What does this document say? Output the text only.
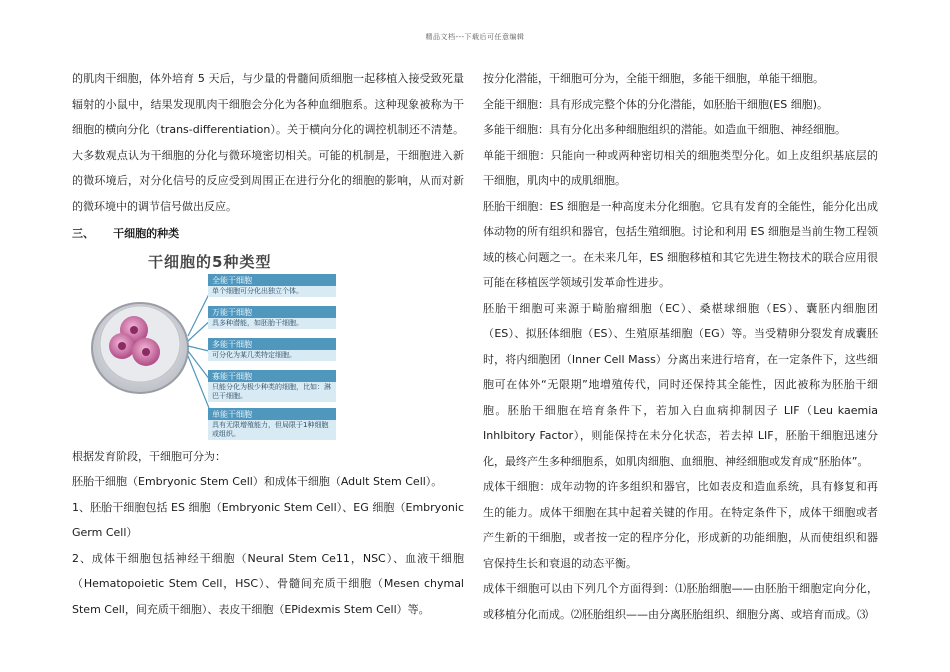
精品文档---下载后可任意编辑

的肌肉干细胞，体外培育 5 天后，与少量的骨髓间质细胞一起移植入接受致死量辐射的小鼠中，结果发现肌肉干细胞会分化为各种血细胞系。这种现象被称为干细胞的横向分化（trans-differentiation）。关于横向分化的调控机制还不清楚。大多数观点认为干细胞的分化与微环境密切相关。可能的机制是，干细胞进入新的微环境后，对分化信号的反应受到周围正在进行分化的细胞的影响，从而对新的微环境中的调节信号做出反应。

三、 干细胞的种类

干细胞的5种类型
全能干细胞
单个细胞可分化出独立个体。
万能干细胞
具多种潜能，如胚胎干细胞。
多能干细胞
可分化为某几类特定细胞。
寡能干细胞
只能分化为极少种类的细胞，比如：淋巴干细胞。
单能干细胞
具有无限增殖能力，但局限于1种细胞或组织。

根据发育阶段，干细胞可分为：

胚胎干细胞（Embryonic Stem Cell）和成体干细胞（Adult Stem Cell）。

1、胚胎干细胞包括 ES 细胞（Embryonic Stem Cell）、EG 细胞（Embryonic Germ Cell）

2、成体干细胞包括神经干细胞（Neural Stem Ce11，NSC）、血液干细胞（Hematopoietic Stem Cell，HSC）、骨髓间充质干细胞（Mesen chymal Stem Cell，间充质干细胞）、表皮干细胞（EPidexmis Stem Cell）等。

按分化潜能，干细胞可分为，全能干细胞，多能干细胞，单能干细胞。

全能干细胞：具有形成完整个体的分化潜能，如胚胎干细胞(ES 细胞)。

多能干细胞：具有分化出多种细胞组织的潜能。如造血干细胞、神经细胞。

单能干细胞：只能向一种或两种密切相关的细胞类型分化。如上皮组织基底层的干细胞，肌肉中的成肌细胞。

胚胎干细胞：ES 细胞是一种高度未分化细胞。它具有发育的全能性，能分化出成体动物的所有组织和器官，包括生殖细胞。讨论和利用 ES 细胞是当前生物工程领域的核心问题之一。在未来几年，ES 细胞移植和其它先进生物技术的联合应用很可能在移植医学领域引发革命性进步。

胚胎干细胞可来源于畸胎瘤细胞（EC）、桑椹球细胞（ES）、囊胚内细胞团（ES）、拟胚体细胞（ES）、生殖原基细胞（EG）等。当受精卵分裂发育成囊胚时，将内细胞团（Inner Cell Mass）分离出来进行培育，在一定条件下，这些细胞可在体外“无限期”地增殖传代，同时还保持其全能性，因此被称为胚胎干细胞。胚胎干细胞在培育条件下，若加入白血病抑制因子 LIF（Leu kaemia Inhlbitory Factor），则能保持在未分化状态，若去掉 LIF，胚胎干细胞迅速分化，最终产生多种细胞系，如肌肉细胞、血细胞、神经细胞或发育成“胚胎体”。

成体干细胞：成年动物的许多组织和器官，比如表皮和造血系统，具有修复和再生的能力。成体干细胞在其中起着关键的作用。在特定条件下，成体干细胞或者产生新的干细胞，或者按一定的程序分化，形成新的功能细胞，从而使组织和器官保持生长和衰退的动态平衡。

成体干细胞可以由下列几个方面得到：⑴胚胎细胞——由胚胎干细胞定向分化，或移植分化而成。⑵胚胎组织——由分离胚胎组织、细胞分离、或培育而成。⑶
